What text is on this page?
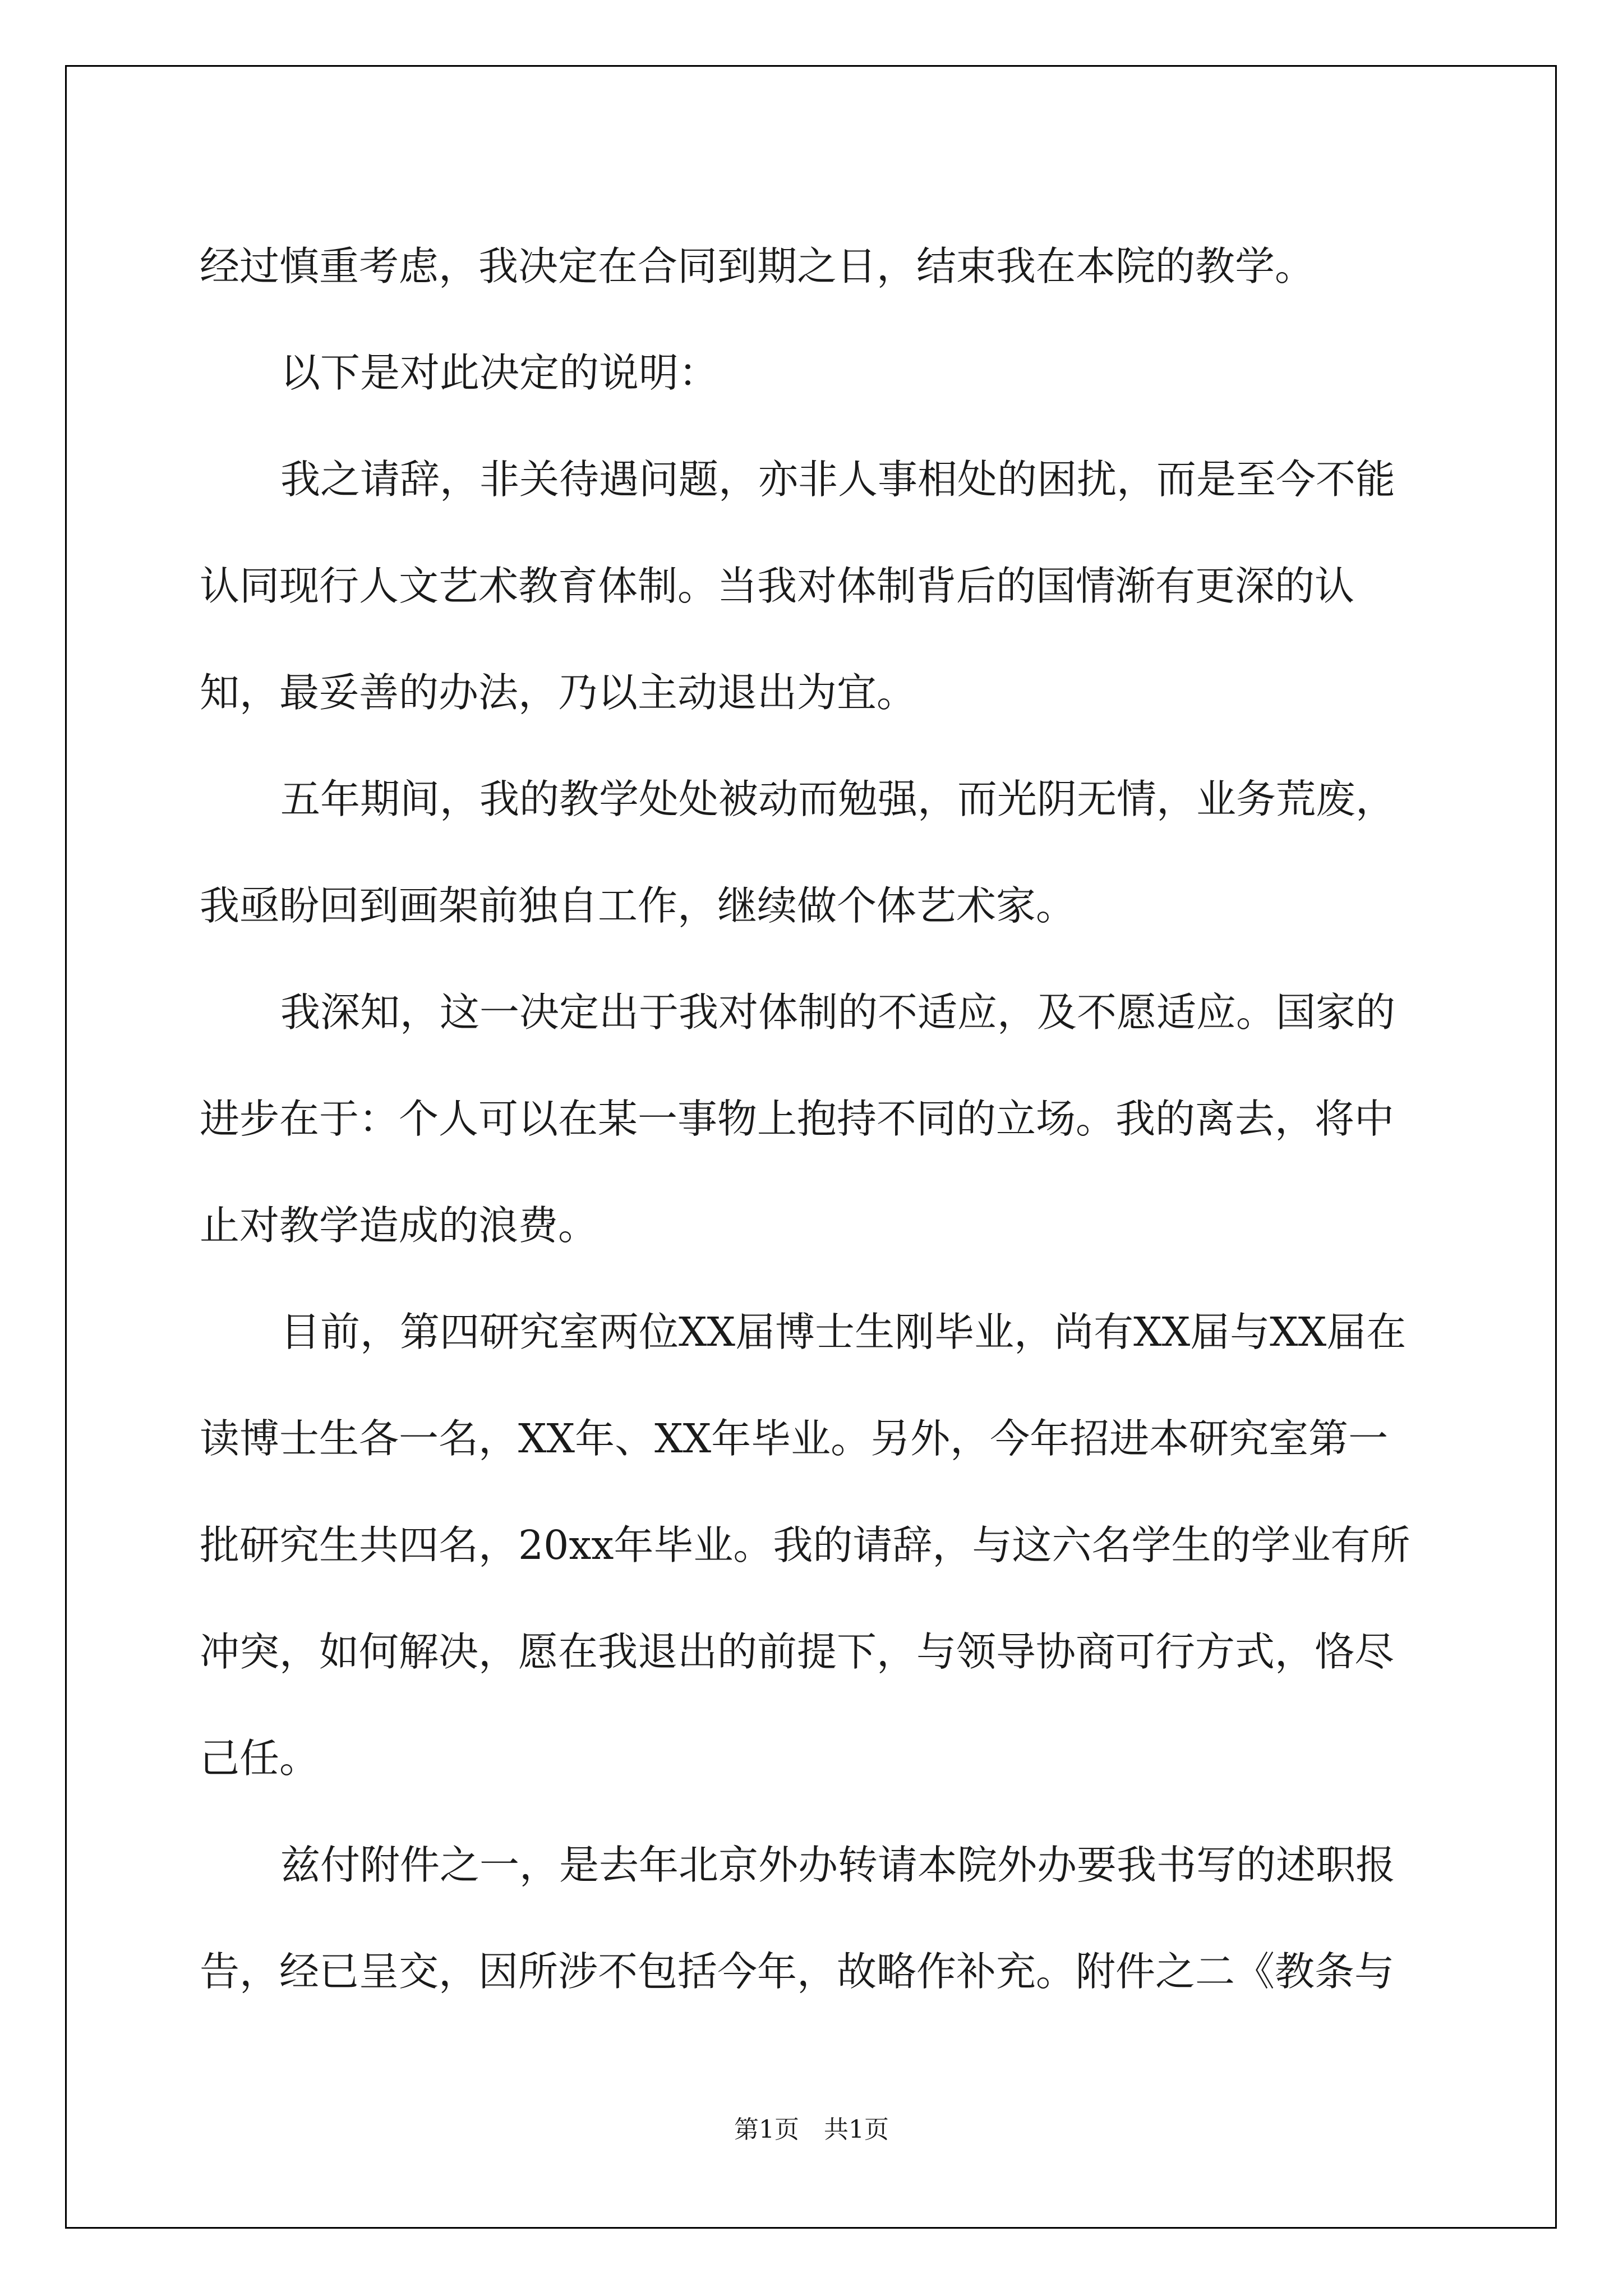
经过慎重考虑，我决定在合同到期之日，结束我在本院的教学。

以下是对此决定的说明：

我之请辞，非关待遇问题，亦非人事相处的困扰，而是至今不能认同现行人文艺术教育体制。当我对体制背后的国情渐有更深的认知，最妥善的办法，乃以主动退出为宜。

五年期间，我的教学处处被动而勉强，而光阴无情，业务荒废，我亟盼回到画架前独自工作，继续做个体艺术家。

我深知，这一决定出于我对体制的不适应，及不愿适应。国家的进步在于：个人可以在某一事物上抱持不同的立场。我的离去，将中止对教学造成的浪费。

目前，第四研究室两位XX届博士生刚毕业，尚有XX届与XX届在读博士生各一名，XX年、XX年毕业。另外，今年招进本研究室第一批研究生共四名，20xx年毕业。我的请辞，与这六名学生的学业有所冲突，如何解决，愿在我退出的前提下，与领导协商可行方式，恪尽己任。

兹付附件之一，是去年北京外办转请本院外办要我书写的述职报告，经已呈交，因所涉不包括今年，故略作补充。附件之二《教条与

第1页　共1页
